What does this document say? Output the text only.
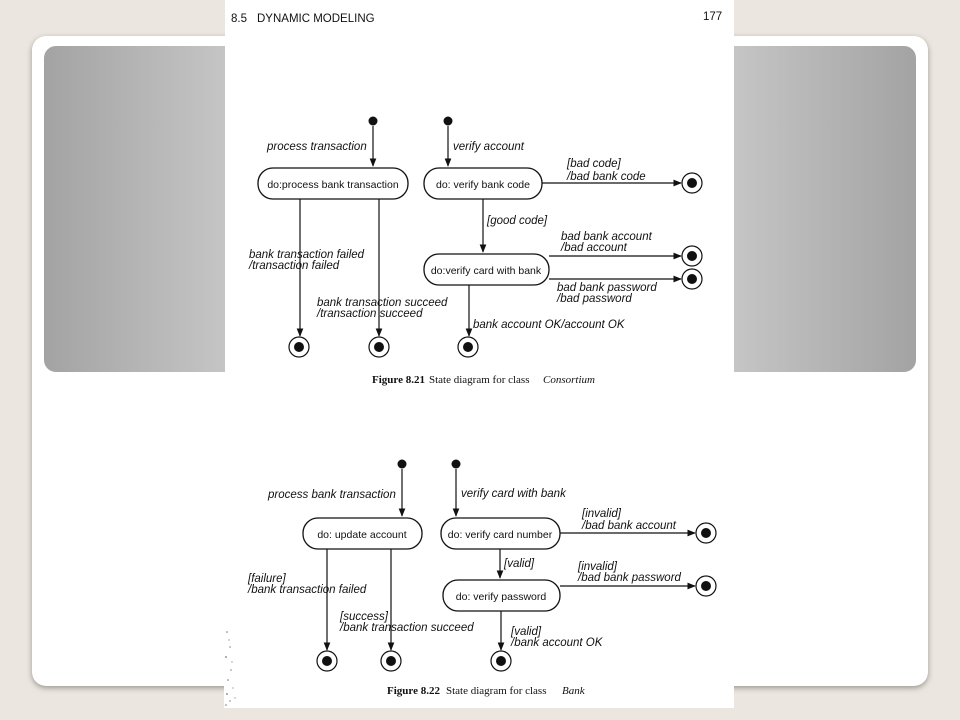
8.5 DYNAMIC MODELING	177
process transaction	verify account
do:process bank transaction	do: verify bank code
do:verify card with bank
[bad code]
/bad bank code
[good code]
bad bank account
/bad account
bad bank password
/bad password
bank transaction failed
/transaction failed
bank transaction succeed
/transaction succeed
bank account OK/account OK
Figure 8.21 State diagram for class Consortium
process bank transaction	verify card with bank
do: update account	do: verify card number
do: verify password
[invalid]
/bad bank account
[valid]	[invalid]
/bad bank password
[failure]
/bank transaction failed
[success]
/bank transaction succeed	[valid]
/bank account OK
Figure 8.22 State diagram for class Bank
